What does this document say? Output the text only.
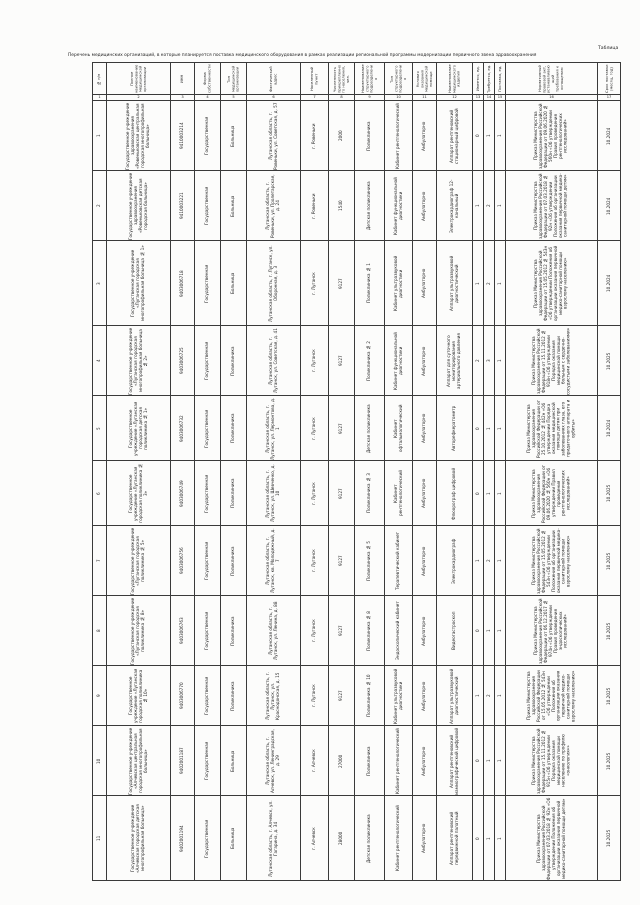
Таблица
Перечень медицинских организаций, в которые планируется поставка медицинского оборудования в рамках реализации региональной программы модернизации первичного звена здравоохранения
№ п/п	Полное наименование медицинской организации	ИНН	Форма собственности	Тип медицинской организации	Фактический адрес	Населенный пункт	Численность прикрепленного населения, чел.	Наименование структурного подразделения	Тип структурного подразделения	Условия оказания медицинской помощи	Наименование медицинского изделия	Имеется, ед.	Требуется, ед.	Поставка, ед.	Нормативный правовой акт, устанавливающий требования к оснащению	Срок поставки (месяц, год)
1	2	3	4	5	6	7	8	9	10	11	12	13	14	15	16	17
1	Государственное учреждение здравоохранения «Ровеньковская центральная городская многопрофильная больница»	9410003214	Государственная	Больница	Луганская область, г. Ровеньки, ул. Советская, д. 57	г. Ровеньки	2000	Поликлиника	Кабинет рентгенологический	Амбулаторно	Аппарат рентгеновский стационарный цифровой	0	1	1	Приказ Министерства здравоохранения Российской Федерации от 09.06.2020 № 560н «Об утверждении Правил проведения рентгенологических исследований»	10.2024
2	Государственное учреждение здравоохранения «Ровеньковская детская городская больница»	9410003221	Государственная	Больница	Луганская область, г. Ровеньки, ул. Пролетарская, д. 24	г. Ровеньки	1540	Детская поликлиника	Кабинет функциональной диагностики	Амбулаторно	Электрокардиограф 12-канальный	1	2	1	Приказ Министерства здравоохранения Российской Федерации от 07.03.2018 № 92н «Об утверждении Положения об организации оказания первичной медико-санитарной помощи детям»	10.2024
3	Государственное учреждение «Луганская городская многопрофильная больница № 1»	9403006718	Государственная	Больница	Луганская область, г. Луганск, ул. Оборонная, д. 3	г. Луганск	9127	Поликлиника № 1	Кабинет ультразвуковой диагностики	Амбулаторно	Аппарат ультразвуковой диагностический	1	2	1	Приказ Министерства здравоохранения Российской Федерации от 15.05.2012 № 543н «Об утверждении Положения об организации оказания первичной медико-санитарной помощи взрослому населению»	10.2024
4	Государственное учреждение «Луганская городская многопрофильная больница № 2»	9403006725	Государственная	Поликлиника	Луганская область, г. Луганск, ул. Советская, д. 41	г. Луганск	9127	Поликлиника № 2	Кабинет функциональной диагностики	Амбулаторно	Аппарат для суточного мониторирования артериального давления	2	3	1	Приказ Министерства здравоохранения Российской Федерации от 15.11.2012 № 918н «Об утверждении Порядка оказания медицинской помощи больным с сердечно-сосудистыми заболеваниями»	10.2025
5	Государственное учреждение «Луганская городская детская поликлиника № 1»	9403006732	Государственная	Поликлиника	Луганская область, г. Луганск, ул. Лермонтова, д. 1	г. Луганск	9127	Детская поликлиника	Кабинет офтальмологический	Амбулаторно	Авторефкератометр	0	1	1	Приказ Министерства здравоохранения Российской Федерации от 25.10.2012 № 442н «Об утверждении Порядка оказания медицинской помощи детям при заболеваниях глаза, его придаточного аппарата и орбиты»	10.2024
6	Государственное учреждение «Луганская городская поликлиника № 3»	9403006749	Государственная	Поликлиника	Луганская область, г. Луганск, ул. Шевченко, д. 10	г. Луганск	9127	Поликлиника № 3	Кабинет рентгенологический	Амбулаторно	Флюорограф цифровой	0	1	1	Приказ Министерства здравоохранения Российской Федерации от 09.06.2020 № 560н «Об утверждении Правил проведения рентгенологических исследований»	10.2025
7	Государственное учреждение «Луганская городская поликлиника № 5»	9403006756	Государственная	Поликлиника	Луганская область, г. Луганск, кв. Молодежный, д. 7	г. Луганск	9127	Поликлиника № 5	Терапевтический кабинет	Амбулаторно	Электрокардиограф	1	2	1	Приказ Министерства здравоохранения Российской Федерации от 15.05.2012 № 543н «Об утверждении Положения об организации оказания первичной медико-санитарной помощи взрослому населению»	10.2025
8	Государственное учреждение «Луганская городская поликлиника № 8»	9403006763	Государственная	Поликлиника	Луганская область, г. Луганск, ул. Ленина, д. 88	г. Луганск	9127	Поликлиника № 8	Эндоскопический кабинет	Амбулаторно	Видеогастроскоп	0	1	1	Приказ Министерства здравоохранения Российской Федерации от 06.12.2017 № 974н «Об утверждении Правил проведения эндоскопических исследований»	10.2025
9	Государственное учреждение «Луганская городская поликлиника № 10»	9403006770	Государственная	Поликлиника	Луганская область, г. Луганск, ул. Краснодонская, д. 15	г. Луганск	9127	Поликлиника № 10	Кабинет ультразвуковой диагностики	Амбулаторно	Аппарат ультразвуковой диагностический	1	2	1	Приказ Министерства здравоохранения Российской Федерации от 15.05.2012 № 543н «Об утверждении Положения об организации оказания первичной медико-санитарной помощи взрослому населению»	10.2025
10	Государственное учреждение «Алчевская центральная городская многопрофильная больница»	9402001187	Государственная	Больница	Луганская область, г. Алчевск, ул. Ленинградская, д. 29	г. Алчевск	27000	Поликлиника	Кабинет рентгенологический	Амбулаторно	Аппарат рентгеновский маммографический цифровой	0	1	1	Приказ Министерства здравоохранения Российской Федерации от 15.11.2012 № 915н «Об утверждении Порядка оказания медицинской помощи населению по профилю «онкология»»	10.2025
11	Государственное учреждение «Алчевская городская детская многопрофильная больница»	9402001194	Государственная	Больница	Луганская область, г. Алчевск, ул. Гагарина, д. 34	г. Алчевск	28000	Детская поликлиника	Кабинет рентгенологический	Амбулаторно	Аппарат рентгеновский передвижной палатный	0	1	1	Приказ Министерства здравоохранения Российской Федерации от 07.03.2018 № 92н «Об утверждении Положения об организации оказания первичной медико-санитарной помощи детям»	10.2025
